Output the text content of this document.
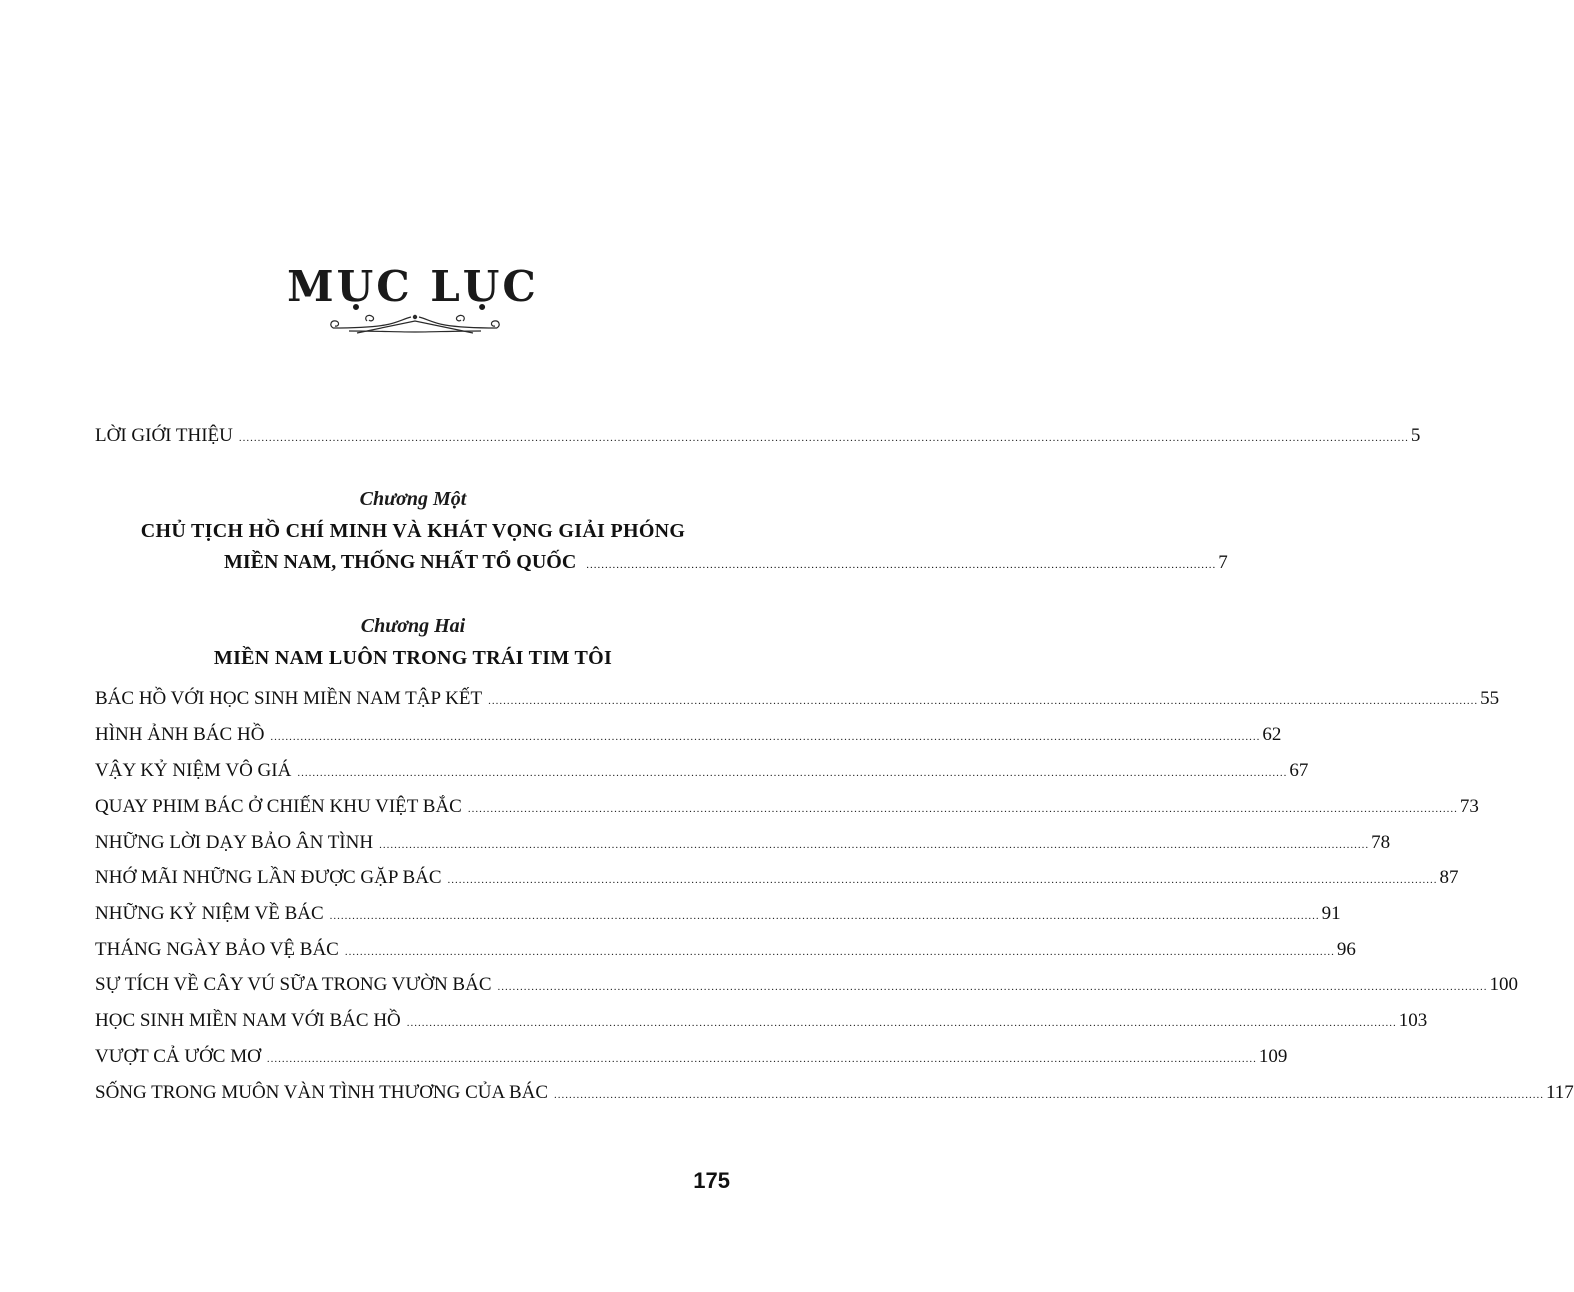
MỤC LỤC
LỜI GIỚI THIỆU ........................................................................................................................................................................................................................................................................................................................ 5
Chương Một
CHỦ TỊCH HỒ CHÍ MINH VÀ KHÁT VỌNG GIẢI PHÓNG
MIỀN NAM, THỐNG NHẤT TỔ QUỐC ........................................................................................................................................................................ 7
Chương Hai
MIỀN NAM LUÔN TRONG TRÁI TIM TÔI
BÁC HỒ VỚI HỌC SINH MIỀN NAM TẬP KẾT ........................................................................................................................................................................................................................................................................ 55
HÌNH ẢNH BÁC HỒ ........................................................................................................................................................................................................................................................................ 62
VẬY KỶ NIỆM VÔ GIÁ ........................................................................................................................................................................................................................................................................ 67
QUAY PHIM BÁC Ở CHIẾN KHU VIỆT BẮC ........................................................................................................................................................................................................................................................................ 73
NHỮNG LỜI DẠY BẢO ÂN TÌNH ........................................................................................................................................................................................................................................................................ 78
NHỚ MÃI NHỮNG LẦN ĐƯỢC GẶP BÁC ........................................................................................................................................................................................................................................................................ 87
NHỮNG KỶ NIỆM VỀ BÁC ........................................................................................................................................................................................................................................................................ 91
THÁNG NGÀY BẢO VỆ BÁC ........................................................................................................................................................................................................................................................................ 96
SỰ TÍCH VỀ CÂY VÚ SỮA TRONG VƯỜN BÁC ........................................................................................................................................................................................................................................................................ 100
HỌC SINH MIỀN NAM VỚI BÁC HỒ ........................................................................................................................................................................................................................................................................ 103
VƯỢT CẢ ƯỚC MƠ ........................................................................................................................................................................................................................................................................ 109
SỐNG TRONG MUÔN VÀN TÌNH THƯƠNG CỦA BÁC ........................................................................................................................................................................................................................................................................ 117
175
